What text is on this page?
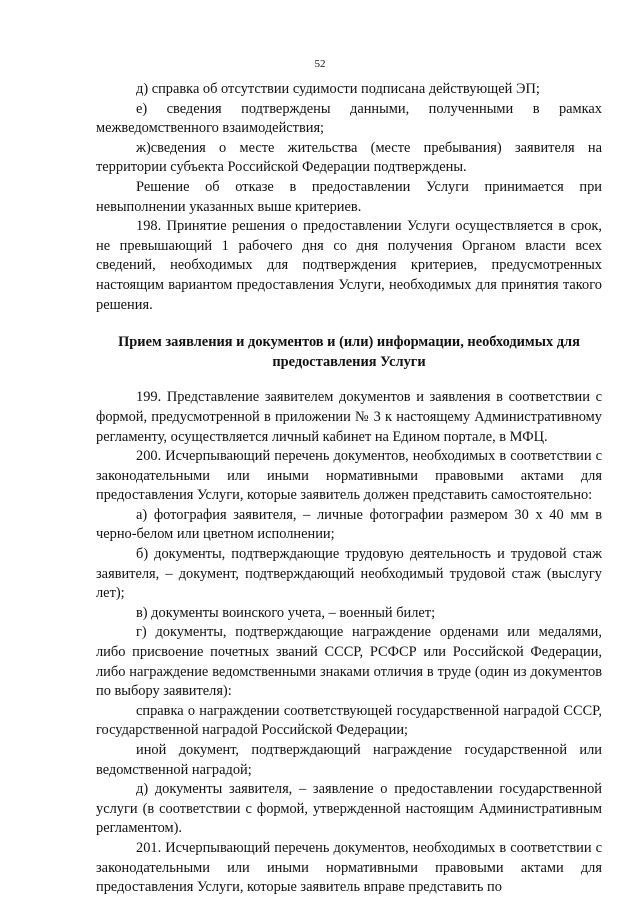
52

д) справка об отсутствии судимости подписана действующей ЭП;

е) сведения подтверждены данными, полученными в рамках межведомственного взаимодействия;

ж)сведения о месте жительства (месте пребывания) заявителя на территории субъекта Российской Федерации подтверждены.

Решение об отказе в предоставлении Услуги принимается при невыполнении указанных выше критериев.

198. Принятие решения о предоставлении Услуги осуществляется в срок, не превышающий 1 рабочего дня со дня получения Органом власти всех сведений, необходимых для подтверждения критериев, предусмотренных настоящим вариантом предоставления Услуги, необходимых для принятия такого решения.

Прием заявления и документов и (или) информации, необходимых для предоставления Услуги

199. Представление заявителем документов и заявления в соответствии с формой, предусмотренной в приложении № 3 к настоящему Административному регламенту, осуществляется личный кабинет на Едином портале, в МФЦ.

200. Исчерпывающий перечень документов, необходимых в соответствии с законодательными или иными нормативными правовыми актами для предоставления Услуги, которые заявитель должен представить самостоятельно:

а) фотография заявителя, – личные фотографии размером 30 х 40 мм в черно-белом или цветном исполнении;

б) документы, подтверждающие трудовую деятельность и трудовой стаж заявителя, – документ, подтверждающий необходимый трудовой стаж (выслугу лет);

в) документы воинского учета, – военный билет;

г) документы, подтверждающие награждение орденами или медалями, либо присвоение почетных званий СССР, РСФСР или Российской Федерации, либо награждение ведомственными знаками отличия в труде (один из документов по выбору заявителя):

справка о награждении соответствующей государственной наградой СССР, государственной наградой Российской Федерации;

иной документ, подтверждающий награждение государственной или ведомственной наградой;

д) документы заявителя, – заявление о предоставлении государственной услуги (в соответствии с формой, утвержденной настоящим Административным регламентом).

201. Исчерпывающий перечень документов, необходимых в соответствии с законодательными или иными нормативными правовыми актами для предоставления Услуги, которые заявитель вправе представить по
